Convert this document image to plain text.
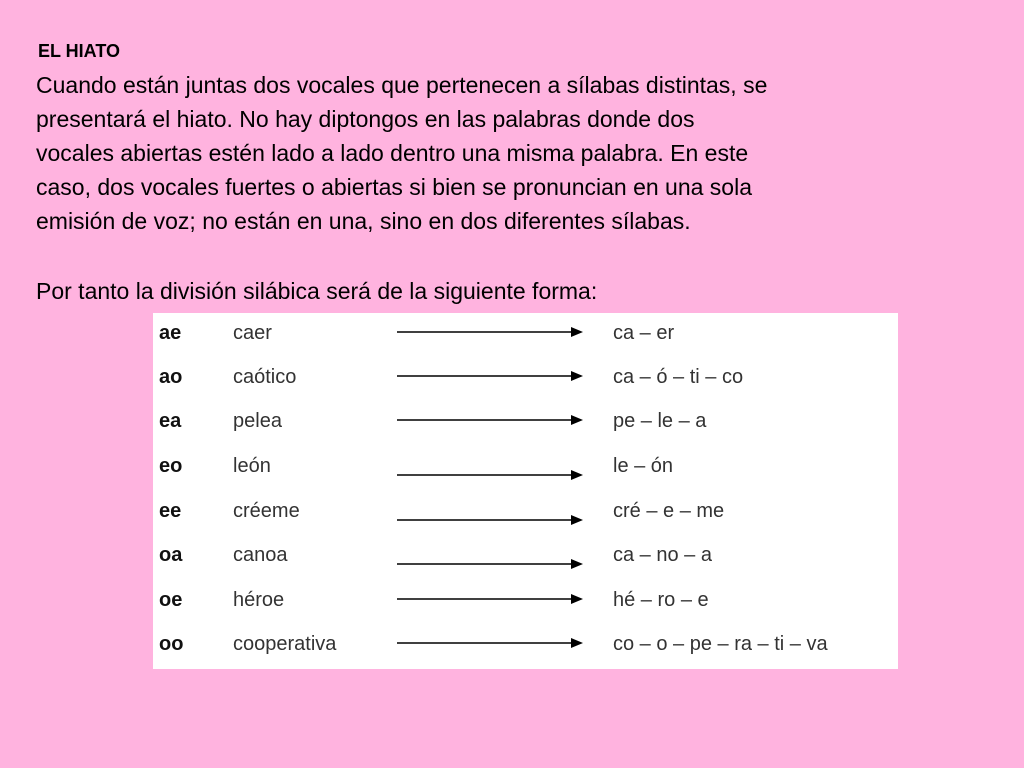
EL HIATO

Cuando están juntas dos vocales que pertenecen a sílabas distintas, se
presentará el hiato. No hay diptongos en las palabras donde dos
vocales abiertas estén lado a lado dentro una misma palabra. En este
caso, dos vocales fuertes o abiertas si bien se pronuncian en una sola
emisión de voz; no están en una, sino en dos diferentes sílabas.

Por tanto la división silábica será de la siguiente forma:
ae	caer	ca – er
ao	caótico	ca – ó – ti – co
ea	pelea	pe – le – a
eo	león	le – ón
ee	créeme	cré – e – me
oa	canoa	ca – no – a
oe	héroe	hé – ro – e
oo cooperativa	co – o – pe – ra – ti – va
